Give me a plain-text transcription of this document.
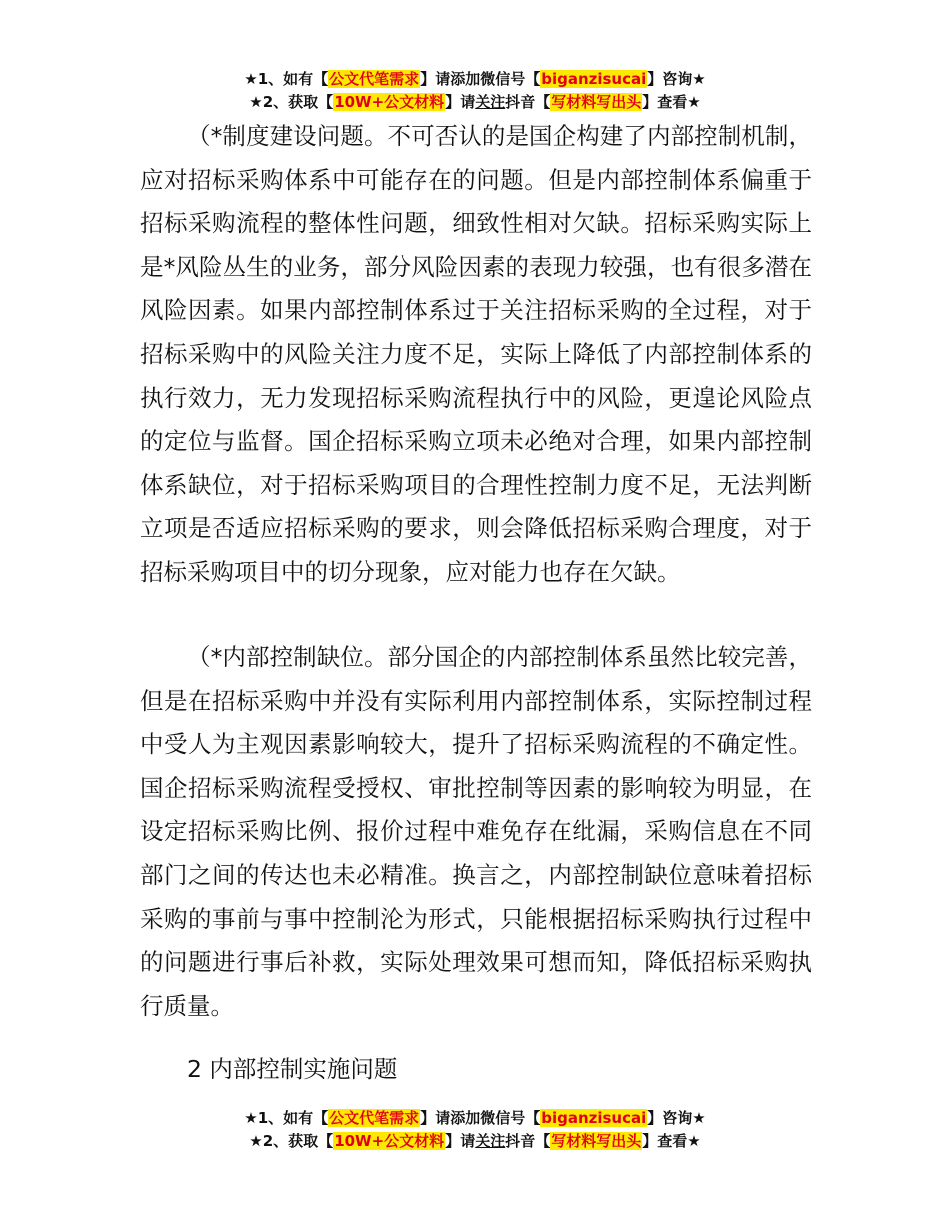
★1、如有【公文代笔需求】请添加微信号【biganzisucai】咨询★
★2、获取【10W+公文材料】请关注抖音【写材料写出头】查看★

（*制度建设问题。不可否认的是国企构建了内部控制机制，应对招标采购体系中可能存在的问题。但是内部控制体系偏重于招标采购流程的整体性问题，细致性相对欠缺。招标采购实际上是*风险丛生的业务，部分风险因素的表现力较强，也有很多潜在风险因素。如果内部控制体系过于关注招标采购的全过程，对于招标采购中的风险关注力度不足，实际上降低了内部控制体系的执行效力，无力发现招标采购流程执行中的风险，更遑论风险点的定位与监督。国企招标采购立项未必绝对合理，如果内部控制体系缺位，对于招标采购项目的合理性控制力度不足，无法判断立项是否适应招标采购的要求，则会降低招标采购合理度，对于招标采购项目中的切分现象，应对能力也存在欠缺。

（*内部控制缺位。部分国企的内部控制体系虽然比较完善，但是在招标采购中并没有实际利用内部控制体系，实际控制过程中受人为主观因素影响较大，提升了招标采购流程的不确定性。国企招标采购流程受授权、审批控制等因素的影响较为明显，在设定招标采购比例、报价过程中难免存在纰漏，采购信息在不同部门之间的传达也未必精准。换言之，内部控制缺位意味着招标采购的事前与事中控制沦为形式，只能根据招标采购执行过程中的问题进行事后补救，实际处理效果可想而知，降低招标采购执行质量。

2 内部控制实施问题
★1、如有【公文代笔需求】请添加微信号【biganzisucai】咨询★
★2、获取【10W+公文材料】请关注抖音【写材料写出头】查看★
